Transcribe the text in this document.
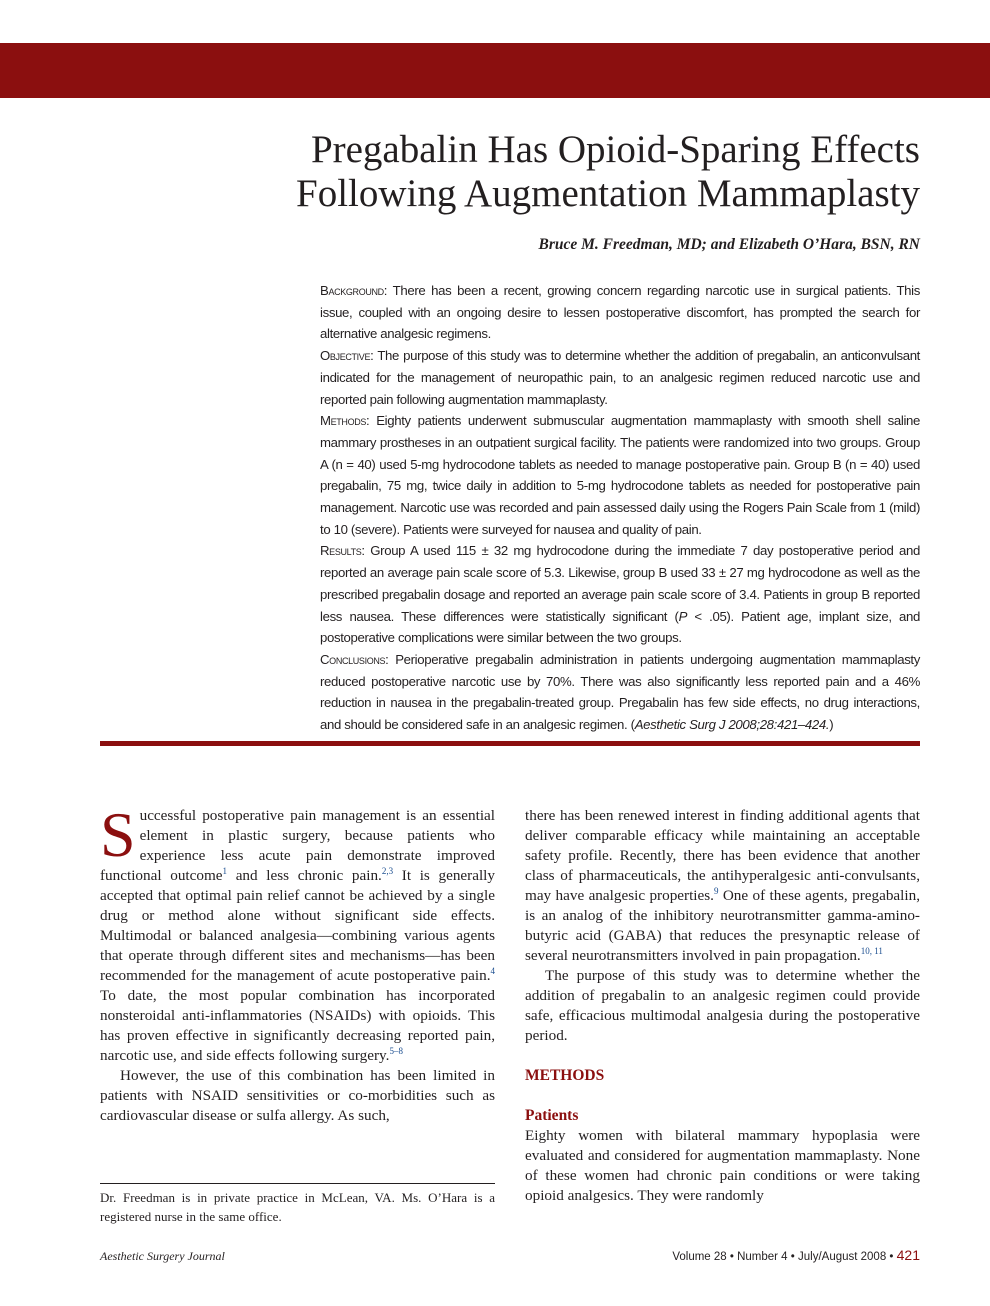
Pregabalin Has Opioid-Sparing Effects
Following Augmentation Mammaplasty

Bruce M. Freedman, MD; and Elizabeth O’Hara, BSN, RN

Background: There has been a recent, growing concern regarding narcotic use in surgical patients. This issue, coupled with an ongoing desire to lessen postoperative discomfort, has prompted the search for alternative analgesic regimens.

Objective: The purpose of this study was to determine whether the addition of pregabalin, an anticonvulsant indicated for the management of neuropathic pain, to an analgesic regimen reduced narcotic use and reported pain following augmentation mammaplasty.

Methods: Eighty patients underwent submuscular augmentation mammaplasty with smooth shell saline mammary prostheses in an outpatient surgical facility. The patients were randomized into two groups. Group A (n = 40) used 5-mg hydrocodone tablets as needed to manage postoperative pain. Group B (n = 40) used pregabalin, 75 mg, twice daily in addition to 5-mg hydrocodone tablets as needed for postoperative pain management. Narcotic use was recorded and pain assessed daily using the Rogers Pain Scale from 1 (mild) to 10 (severe). Patients were surveyed for nausea and quality of pain.

Results: Group A used 115 ± 32 mg hydrocodone during the immediate 7 day postoperative period and reported an average pain scale score of 5.3. Likewise, group B used 33 ± 27 mg hydrocodone as well as the prescribed pregabalin dosage and reported an average pain scale score of 3.4. Patients in group B reported less nausea. These differences were statistically significant (P < .05). Patient age, implant size, and postoperative complications were similar between the two groups.

Conclusions: Perioperative pregabalin administration in patients undergoing augmentation mammaplasty reduced postoperative narcotic use by 70%. There was also significantly less reported pain and a 46% reduction in nausea in the pregabalin-treated group. Pregabalin has few side effects, no drug interactions, and should be considered safe in an analgesic regimen. (Aesthetic Surg J 2008;28:421–424.)

Successful postoperative pain management is an essential element in plastic surgery, because patients who experience less acute pain demonstrate improved functional outcome$^1$ and less chronic pain.$^{2,3}$ It is generally accepted that optimal pain relief cannot be achieved by a single drug or method alone without significant side effects. Multimodal or balanced analgesia—combining various agents that operate through different sites and mechanisms—has been recommended for the management of acute postoperative pain.$^4$ To date, the most popular combination has incorporated nonsteroidal anti-inflammatories (NSAIDs) with opioids. This has proven effective in significantly decreasing reported pain, narcotic use, and side effects following surgery.$^{5-8}$

However, the use of this combination has been limited in patients with NSAID sensitivities or co-morbidities such as cardiovascular disease or sulfa allergy. As such,

there has been renewed interest in finding additional agents that deliver comparable efficacy while maintaining an acceptable safety profile. Recently, there has been evidence that another class of pharmaceuticals, the antihyperalgesic anti-convulsants, may have analgesic properties.$^9$ One of these agents, pregabalin, is an analog of the inhibitory neurotransmitter gamma-amino-butyric acid (GABA) that reduces the presynaptic release of several neurotransmitters involved in pain propagation.$^{10, 11}$

The purpose of this study was to determine whether the addition of pregabalin to an analgesic regimen could provide safe, efficacious multimodal analgesia during the postoperative period.

METHODS

Patients

Eighty women with bilateral mammary hypoplasia were evaluated and considered for augmentation mammaplasty. None of these women had chronic pain conditions or were taking opioid analgesics. They were randomly

Dr. Freedman is in private practice in McLean, VA. Ms. O’Hara is a registered nurse in the same office.

Aesthetic Surgery Journal	Volume 28 • Number 4 • July/August 2008 • 421
